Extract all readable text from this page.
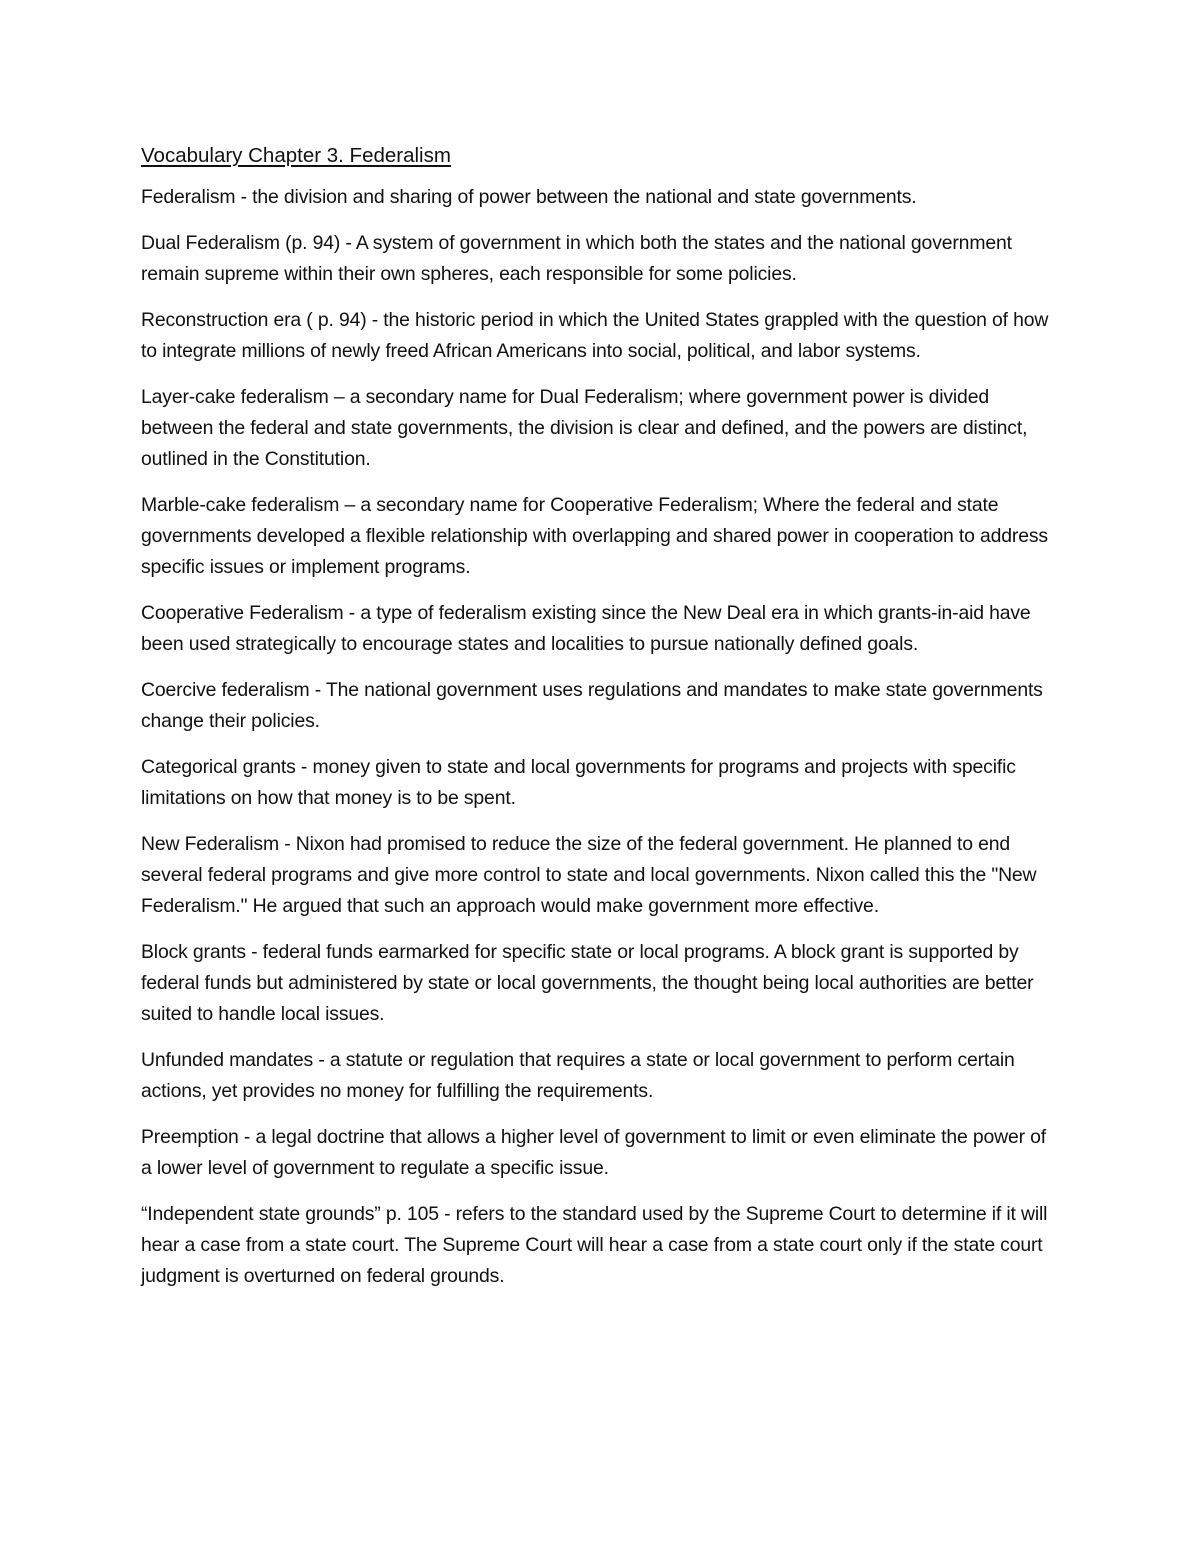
Vocabulary Chapter 3. Federalism

Federalism - the division and sharing of power between the national and state governments.

Dual Federalism (p. 94) - A system of government in which both the states and the national government remain supreme within their own spheres, each responsible for some policies.

Reconstruction era ( p. 94) - the historic period in which the United States grappled with the question of how to integrate millions of newly freed African Americans into social, political, and labor systems.

Layer-cake federalism – a secondary name for Dual Federalism; where government power is divided between the federal and state governments, the division is clear and defined, and the powers are distinct, outlined in the Constitution.

Marble-cake federalism – a secondary name for Cooperative Federalism; Where the federal and state governments developed a flexible relationship with overlapping and shared power in cooperation to address specific issues or implement programs.

Cooperative Federalism - a type of federalism existing since the New Deal era in which grants-in-aid have been used strategically to encourage states and localities to pursue nationally defined goals.

Coercive federalism - The national government uses regulations and mandates to make state governments change their policies.

Categorical grants - money given to state and local governments for programs and projects with specific limitations on how that money is to be spent.

New Federalism - Nixon had promised to reduce the size of the federal government. He planned to end several federal programs and give more control to state and local governments. Nixon called this the "New Federalism." He argued that such an approach would make government more effective.

Block grants - federal funds earmarked for specific state or local programs. A block grant is supported by federal funds but administered by state or local governments, the thought being local authorities are better suited to handle local issues.

Unfunded mandates - a statute or regulation that requires a state or local government to perform certain actions, yet provides no money for fulfilling the requirements.

Preemption - a legal doctrine that allows a higher level of government to limit or even eliminate the power of a lower level of government to regulate a specific issue.

“Independent state grounds” p. 105 - refers to the standard used by the Supreme Court to determine if it will hear a case from a state court. The Supreme Court will hear a case from a state court only if the state court judgment is overturned on federal grounds.
